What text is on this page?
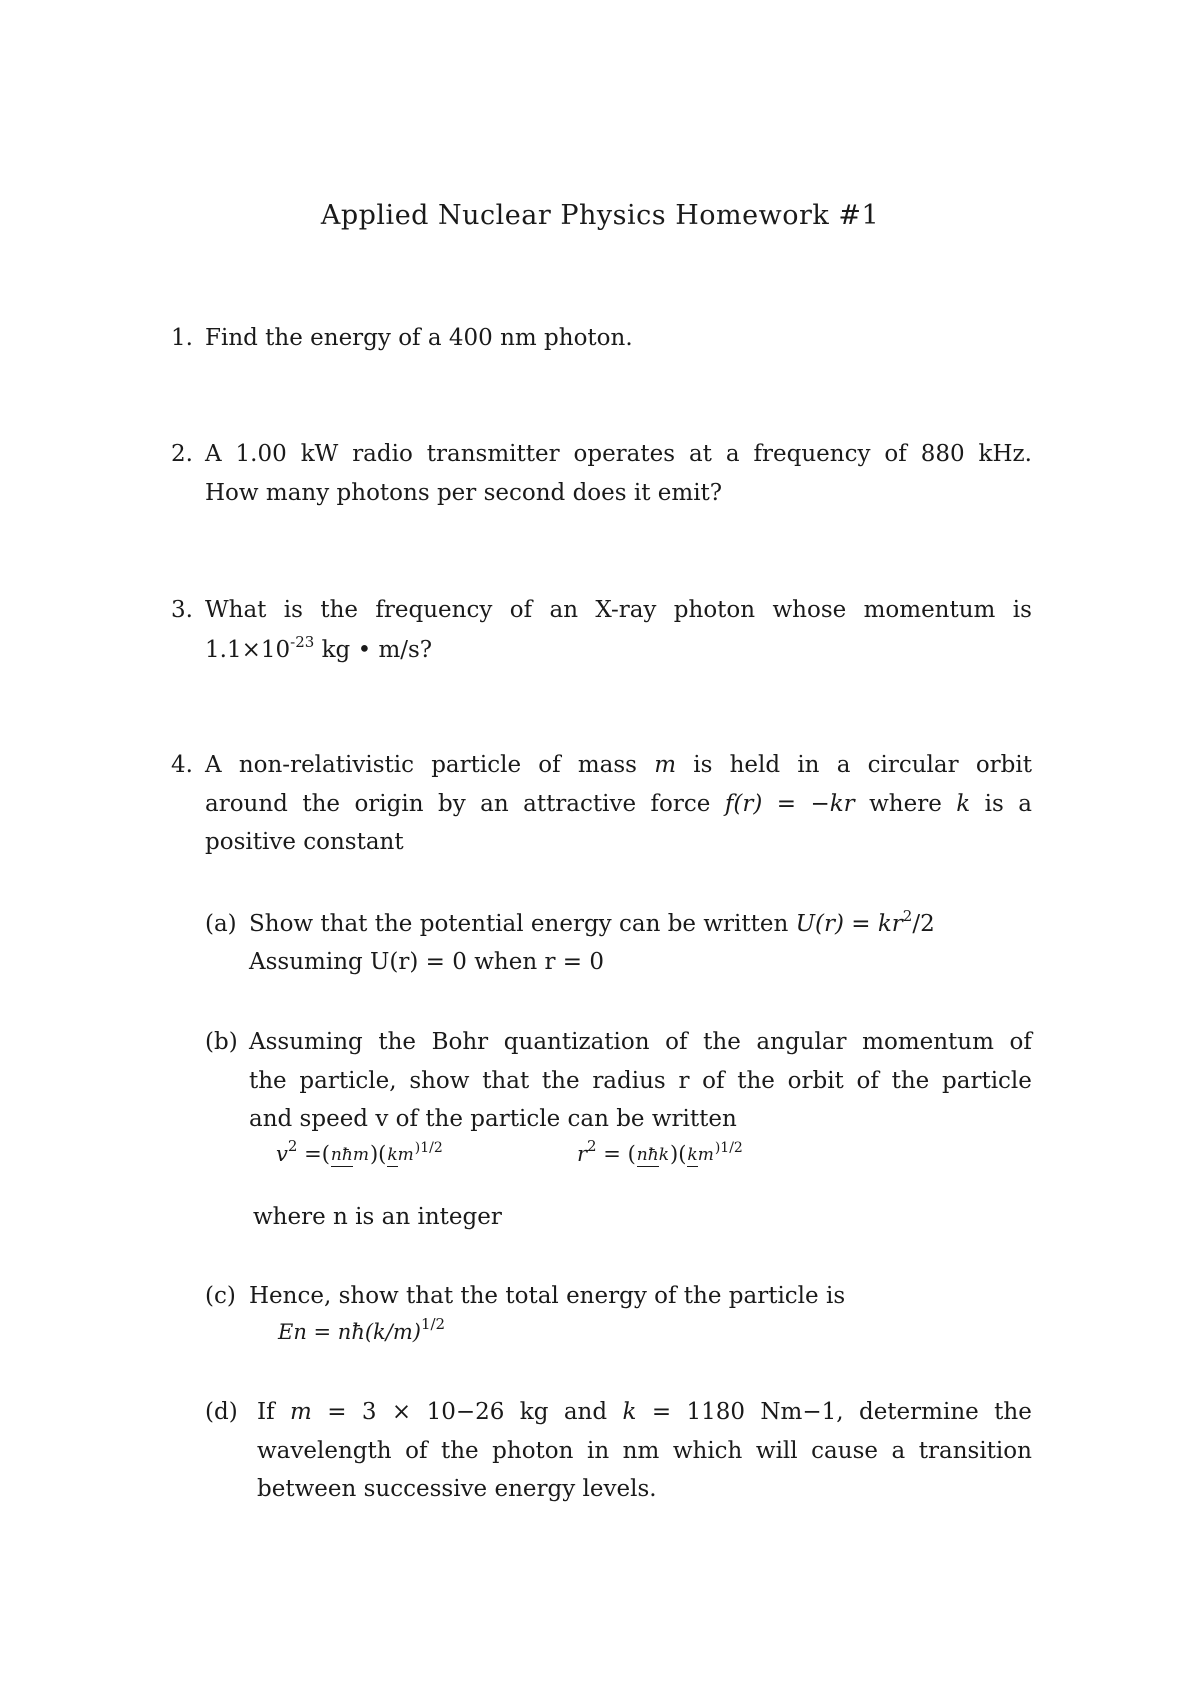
Applied Nuclear Physics Homework #1
1. Find the energy of a 400 nm photon.
2. A 1.00 kW radio transmitter operates at a frequency of 880 kHz.
How many photons per second does it emit?
3. What is the frequency of an X-ray photon whose momentum is
$1.1\times 10^{-23}$ kg • m/s?
4. A non-relativistic particle of mass m is held in a circular orbit
around the origin by an attractive force f(r) = −kr where k is a
positive constant
(a) Show that the potential energy can be written $U(r) = kr^2/2$
Assuming U(r) = 0 when r = 0
(b) Assuming the Bohr quantization of the angular momentum of
the particle, show that the radius r of the orbit of the particle
and speed v of the particle can be written
$v^2$ $=(nħm)(km^{)1/2}$	$r^2$ = $(nħk)(km^{)1/2}$
where n is an integer
(c) Hence, show that the total energy of the particle is
$En = nħ(k/m)^{1/2}$
(d) If m = 3 × 10−26 kg and k = 1180 Nm−1, determine the
wavelength of the photon in nm which will cause a transition
between successive energy levels.
